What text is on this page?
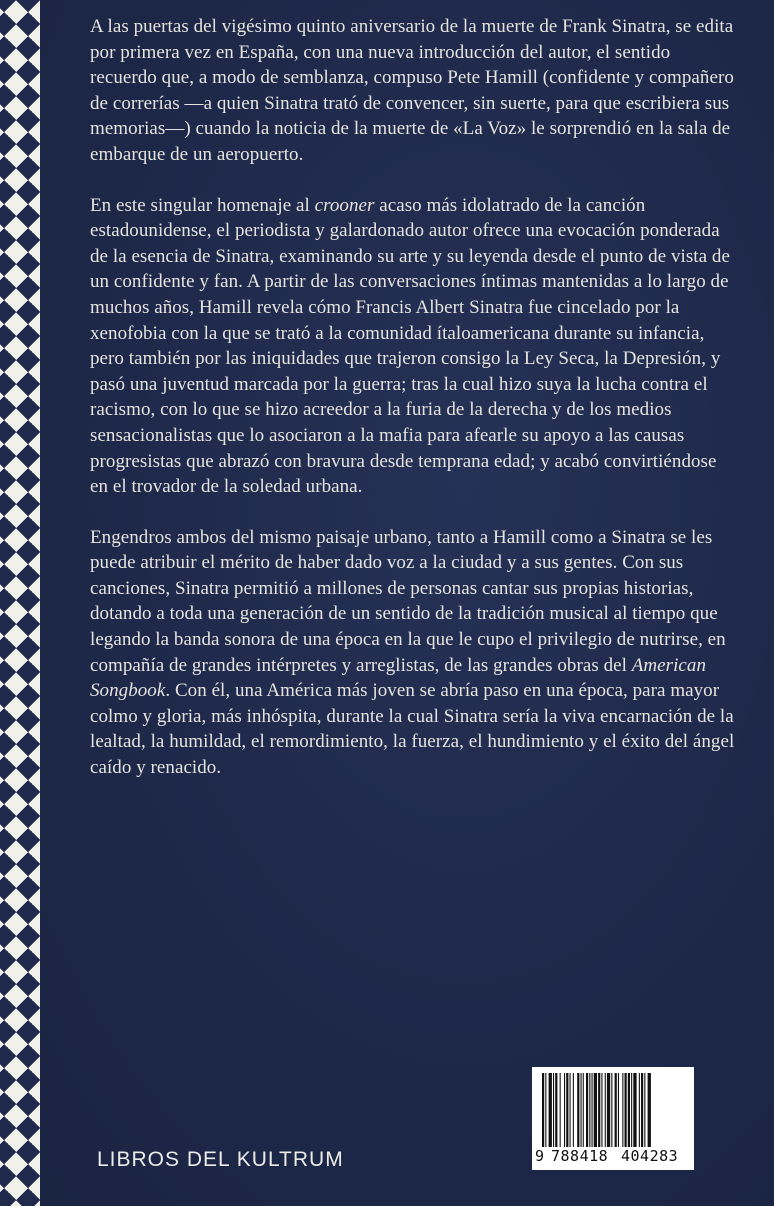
A las puertas del vigésimo quinto aniversario de la muerte de Frank Sinatra, se edita por primera vez en España, con una nueva introducción del autor, el sentido recuerdo que, a modo de semblanza, compuso Pete Hamill (confidente y compañero de correrías —a quien Sinatra trató de convencer, sin suerte, para que escribiera sus memorias—) cuando la noticia de la muerte de «La Voz» le sorprendió en la sala de embarque de un aeropuerto.

En este singular homenaje al crooner acaso más idolatrado de la canción estadounidense, el periodista y galardonado autor ofrece una evocación ponderada de la esencia de Sinatra, examinando su arte y su leyenda desde el punto de vista de un confidente y fan. A partir de las conversaciones íntimas mantenidas a lo largo de muchos años, Hamill revela cómo Francis Albert Sinatra fue cincelado por la xenofobia con la que se trató a la comunidad ítaloamericana durante su infancia, pero también por las iniquidades que trajeron consigo la Ley Seca, la Depresión, y pasó una juventud marcada por la guerra; tras la cual hizo suya la lucha contra el racismo, con lo que se hizo acreedor a la furia de la derecha y de los medios sensacionalistas que lo asociaron a la mafia para afearle su apoyo a las causas progresistas que abrazó con bravura desde temprana edad; y acabó convirtiéndose en el trovador de la soledad urbana.

Engendros ambos del mismo paisaje urbano, tanto a Hamill como a Sinatra se les puede atribuir el mérito de haber dado voz a la ciudad y a sus gentes. Con sus canciones, Sinatra permitió a millones de personas cantar sus propias historias, dotando a toda una generación de un sentido de la tradición musical al tiempo que legando la banda sonora de una época en la que le cupo el privilegio de nutrirse, en compañía de grandes intérpretes y arreglistas, de las grandes obras del American Songbook. Con él, una América más joven se abría paso en una época, para mayor colmo y gloria, más inhóspita, durante la cual Sinatra sería la viva encarnación de la lealtad, la humildad, el remordimiento, la fuerza, el hundimiento y el éxito del ángel caído y renacido.

LIBROS DEL KULTRUM	9 788418 404283
